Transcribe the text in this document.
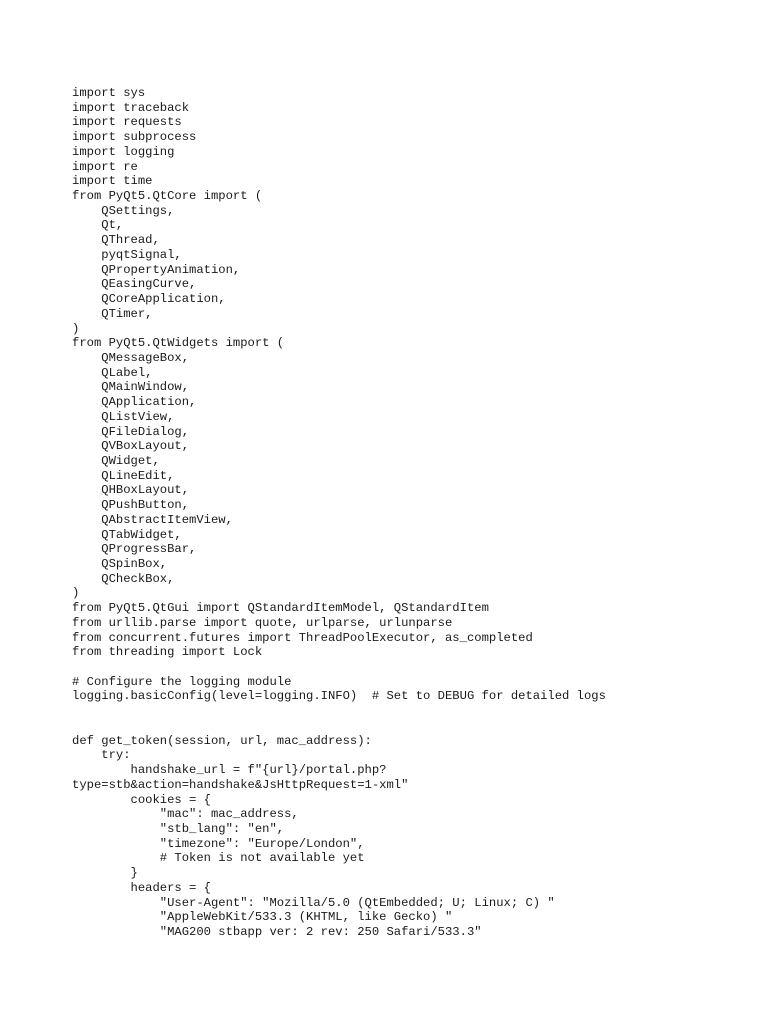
import sys
import traceback
import requests
import subprocess
import logging
import re
import time
from PyQt5.QtCore import (
QSettings,
Qt,
QThread,
pyqtSignal,
QPropertyAnimation,
QEasingCurve,
QCoreApplication,
QTimer,
)
from PyQt5.QtWidgets import (
QMessageBox,
QLabel,
QMainWindow,
QApplication,
QListView,
QFileDialog,
QVBoxLayout,
QWidget,
QLineEdit,
QHBoxLayout,
QPushButton,
QAbstractItemView,
QTabWidget,
QProgressBar,
QSpinBox,
QCheckBox,
)
from PyQt5.QtGui import QStandardItemModel, QStandardItem
from urllib.parse import quote, urlparse, urlunparse
from concurrent.futures import ThreadPoolExecutor, as_completed
from threading import Lock
# Configure the logging module
logging.basicConfig(level=logging.INFO)  # Set to DEBUG for detailed logs
def get_token(session, url, mac_address):
try:
handshake_url = f"{url}/portal.php?
type=stb&action=handshake&JsHttpRequest=1-xml"
cookies = {
"mac": mac_address,
"stb_lang": "en",
"timezone": "Europe/London",
# Token is not available yet
}
headers = {
"User-Agent": "Mozilla/5.0 (QtEmbedded; U; Linux; C) "
"AppleWebKit/533.3 (KHTML, like Gecko) "
"MAG200 stbapp ver: 2 rev: 250 Safari/533.3"
